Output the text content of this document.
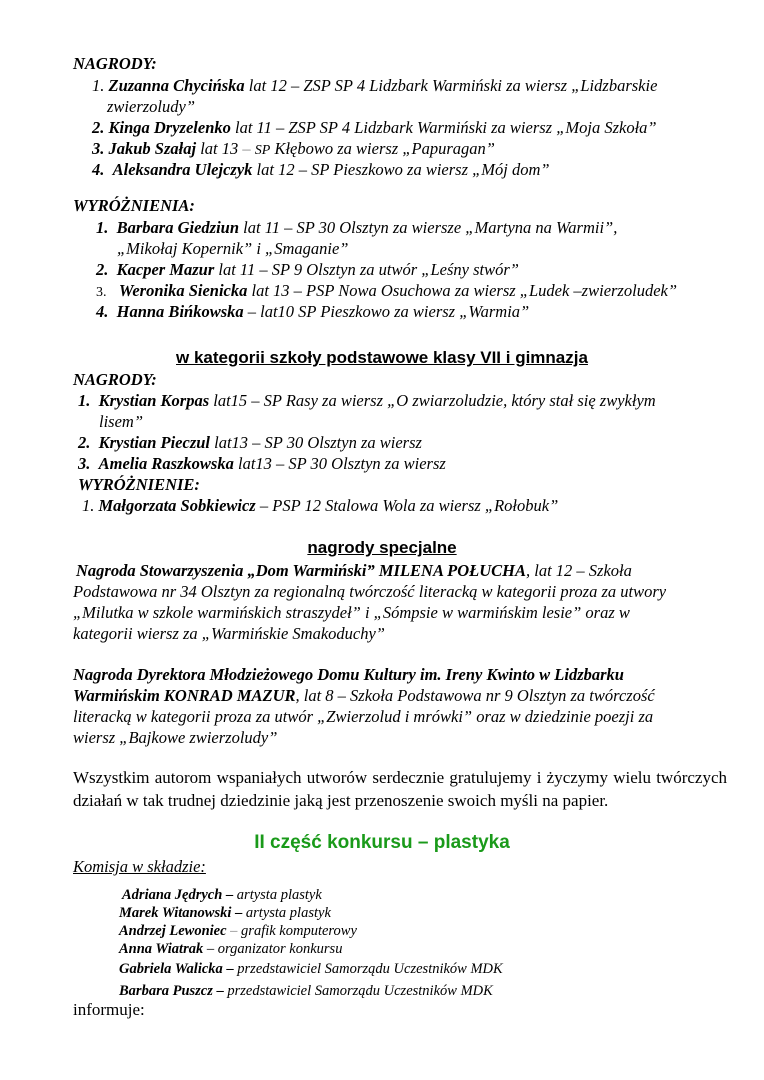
NAGRODY:
1. Zuzanna Chycińska lat 12 – ZSP SP 4 Lidzbark Warmiński za wiersz „Lidzbarskie
zwierzoludy”
2. Kinga Dryzelenko lat 11 – ZSP SP 4 Lidzbark Warmiński za wiersz „Moja Szkoła”
3. Jakub Szałaj lat 13 – SP Kłębowo za wiersz „Papuragan”
4. Aleksandra Ulejczyk lat 12 – SP Pieszkowo za wiersz „Mój dom”
WYRÓŻNIENIA:
1. Barbara Giedziun lat 11 – SP 30 Olsztyn za wiersze „Martyna na Warmii”,
„Mikołaj Kopernik” i „Smaganie”
2. Kacper Mazur lat 11 – SP 9 Olsztyn za utwór „Leśny stwór”
3. Weronika Sienicka lat 13 – PSP Nowa Osuchowa za wiersz „Ludek –zwierzoludek”
4. Hanna Bińkowska – lat10 SP Pieszkowo za wiersz „Warmia”
w kategorii szkoły podstawowe klasy VII i gimnazja
NAGRODY:
1. Krystian Korpas lat15 – SP Rasy za wiersz „O zwiarzoludzie, który stał się zwykłym
lisem”
2. Krystian Pieczul lat13 – SP 30 Olsztyn za wiersz
3. Amelia Raszkowska lat13 – SP 30 Olsztyn za wiersz
WYRÓŻNIENIE:
1. Małgorzata Sobkiewicz – PSP 12 Stalowa Wola za wiersz „Rołobuk”
nagrody specjalne
Nagroda Stowarzyszenia „Dom Warmiński” MILENA POŁUCHA, lat 12 – Szkoła
Podstawowa nr 34 Olsztyn za regionalną twórczość literacką w kategorii proza za utwory
„Milutka w szkole warmińskich straszydeł” i „Sómpsie w warmińskim lesie” oraz w
kategorii wiersz za „Warmińskie Smakoduchy”
Nagroda Dyrektora Młodzieżowego Domu Kultury im. Ireny Kwinto w Lidzbarku
Warmińskim KONRAD MAZUR, lat 8 – Szkoła Podstawowa nr 9 Olsztyn za twórczość
literacką w kategorii proza za utwór „Zwierzolud i mrówki” oraz w dziedzinie poezji za
wiersz „Bajkowe zwierzoludy”
Wszystkim autorom wspaniałych utworów serdecznie gratulujemy i życzymy wielu twórczych działań w tak trudnej dziedzinie jaką jest przenoszenie swoich myśli na papier.
II część konkursu – plastyka
Komisja w składzie:
Adriana Jędrych – artysta plastyk
Marek Witanowski – artysta plastyk
Andrzej Lewoniec – grafik komputerowy
Anna Wiatrak – organizator konkursu
Gabriela Walicka – przedstawiciel Samorządu Uczestników MDK
Barbara Puszcz – przedstawiciel Samorządu Uczestników MDK
informuje:
